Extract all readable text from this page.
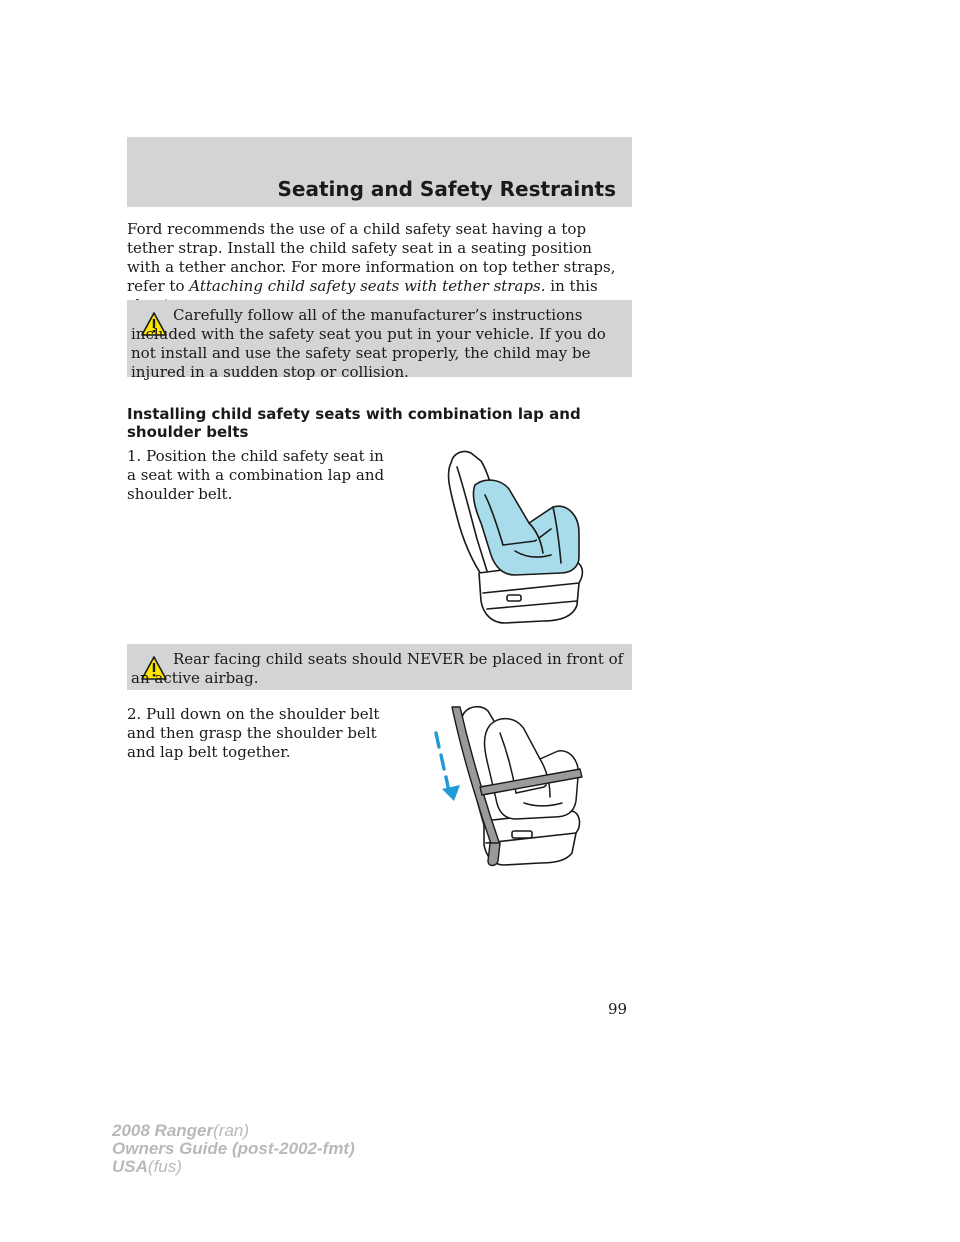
Seating and Safety Restraints

Ford recommends the use of a child safety seat having a top tether strap. Install the child safety seat in a seating position with a tether anchor. For more information on top tether straps, refer to Attaching child safety seats with tether straps. in this

Carefully follow all of the manufacturer’s instructions included with the safety seat you put in your vehicle. If you do not install and use the safety seat properly, the child may be injured in a sudden stop or collision.

Installing child safety seats with combination lap and shoulder belts

1. Position the child safety seat in a seat with a combination lap and shoulder belt.

Rear facing child seats should NEVER be placed in front of an active airbag.

2. Pull down on the shoulder belt and then grasp the shoulder belt and lap belt together.

99
2008 Ranger(ran)
Owners Guide (post-2002-fmt)
USA(fus)
